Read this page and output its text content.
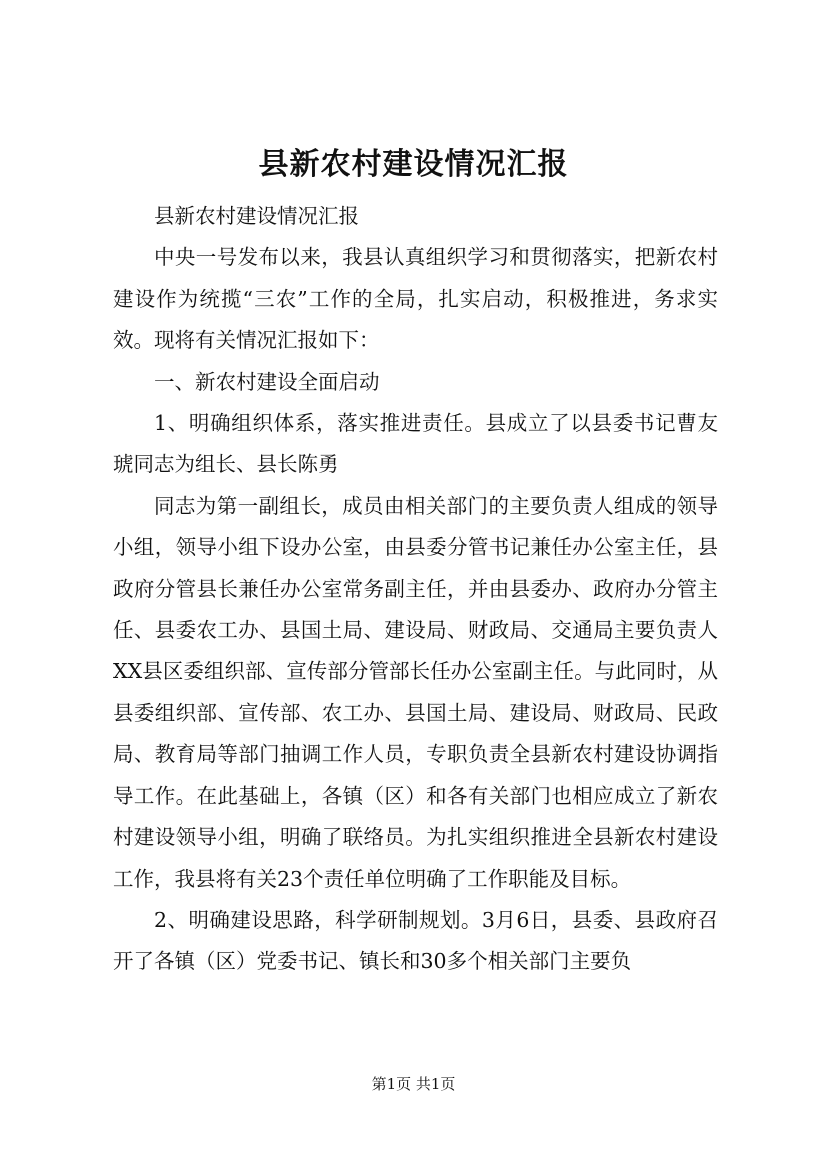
县新农村建设情况汇报

县新农村建设情况汇报

中央一号发布以来，我县认真组织学习和贯彻落实，把新农村建设作为统揽“三农”工作的全局，扎实启动，积极推进，务求实效。现将有关情况汇报如下：

一、新农村建设全面启动

1、明确组织体系，落实推进责任。县成立了以县委书记曹友琥同志为组长、县长陈勇

同志为第一副组长，成员由相关部门的主要负责人组成的领导小组，领导小组下设办公室，由县委分管书记兼任办公室主任，县政府分管县长兼任办公室常务副主任，并由县委办、政府办分管主任、县委农工办、县国土局、建设局、财政局、交通局主要负责人XX县区委组织部、宣传部分管部长任办公室副主任。与此同时，从县委组织部、宣传部、农工办、县国土局、建设局、财政局、民政局、教育局等部门抽调工作人员，专职负责全县新农村建设协调指导工作。在此基础上，各镇（区）和各有关部门也相应成立了新农村建设领导小组，明确了联络员。为扎实组织推进全县新农村建设工作，我县将有关23个责任单位明确了工作职能及目标。

2、明确建设思路，科学研制规划。3月6日，县委、县政府召开了各镇（区）党委书记、镇长和30多个相关部门主要负

第1页 共1页
